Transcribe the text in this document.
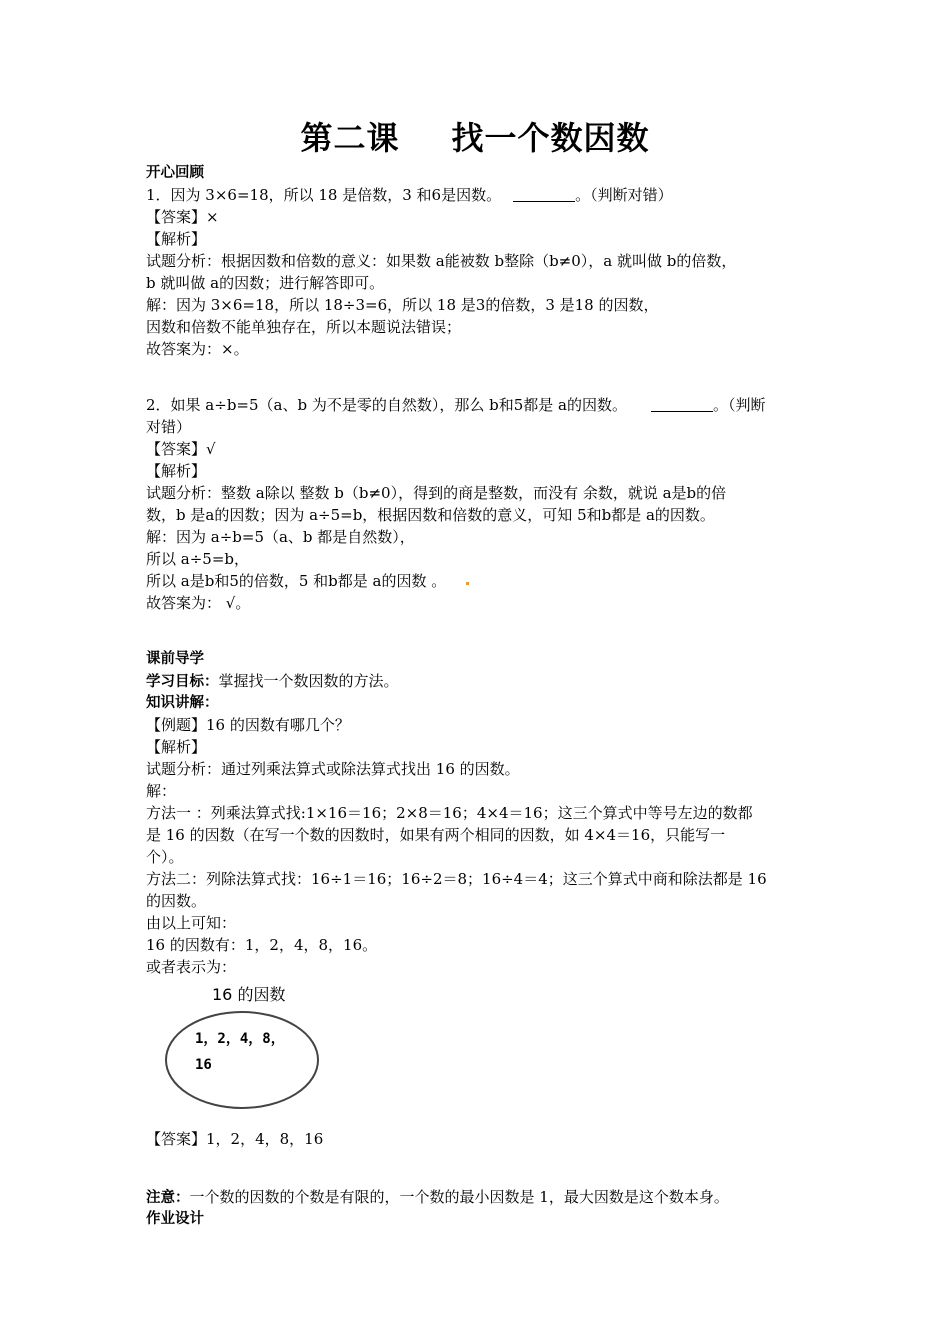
第二课 找一个数因数
开心回顾
1．因为 3×6=18，所以 18 是倍数，3 和6是因数。	。（判断对错）
【答案】×
【解析】
试题分析：根据因数和倍数的意义：如果数 a能被数 b整除（b≠0），a 就叫做 b的倍数，
b 就叫做 a的因数；进行解答即可。
解：因为 3×6=18，所以 18÷3=6，所以 18 是3的倍数，3 是18 的因数，
因数和倍数不能单独存在，所以本题说法错误；
故答案为：×。
2．如果 a÷b=5（a、b 为不是零的自然数），那么 b和5都是 a的因数。	。（判断
对错）
【答案】√
【解析】
试题分析：整数 a除以 整数 b（b≠0），得到的商是整数，而没有 余数，就说 a是b的倍
数，b 是a的因数；因为 a÷5=b，根据因数和倍数的意义，可知 5和b都是 a的因数。
解：因为 a÷b=5（a、b 都是自然数），
所以 a÷5=b，
所以 a是b和5的倍数，5 和b都是 a的因数 。
故答案为： √。
课前导学
学习目标：掌握找一个数因数的方法。
知识讲解：
【例题】16 的因数有哪几个？
【解析】
试题分析：通过列乘法算式或除法算式找出 16 的因数。
解：
方法一 ：列乘法算式找:1×16＝16；2×8＝16；4×4＝16；这三个算式中等号左边的数都
是 16 的因数（在写一个数的因数时，如果有两个相同的因数，如 4×4＝16，只能写一
个）。
方法二：列除法算式找：16÷1＝16；16÷2＝8；16÷4＝4；这三个算式中商和除法都是 16
的因数。
由以上可知：
16 的因数有：1，2，4，8，16。
或者表示为：
16 的因数
1，2，4，8，
16
【答案】1，2，4，8，16
注意：一个数的因数的个数是有限的，一个数的最小因数是 1，最大因数是这个数本身。
作业设计
